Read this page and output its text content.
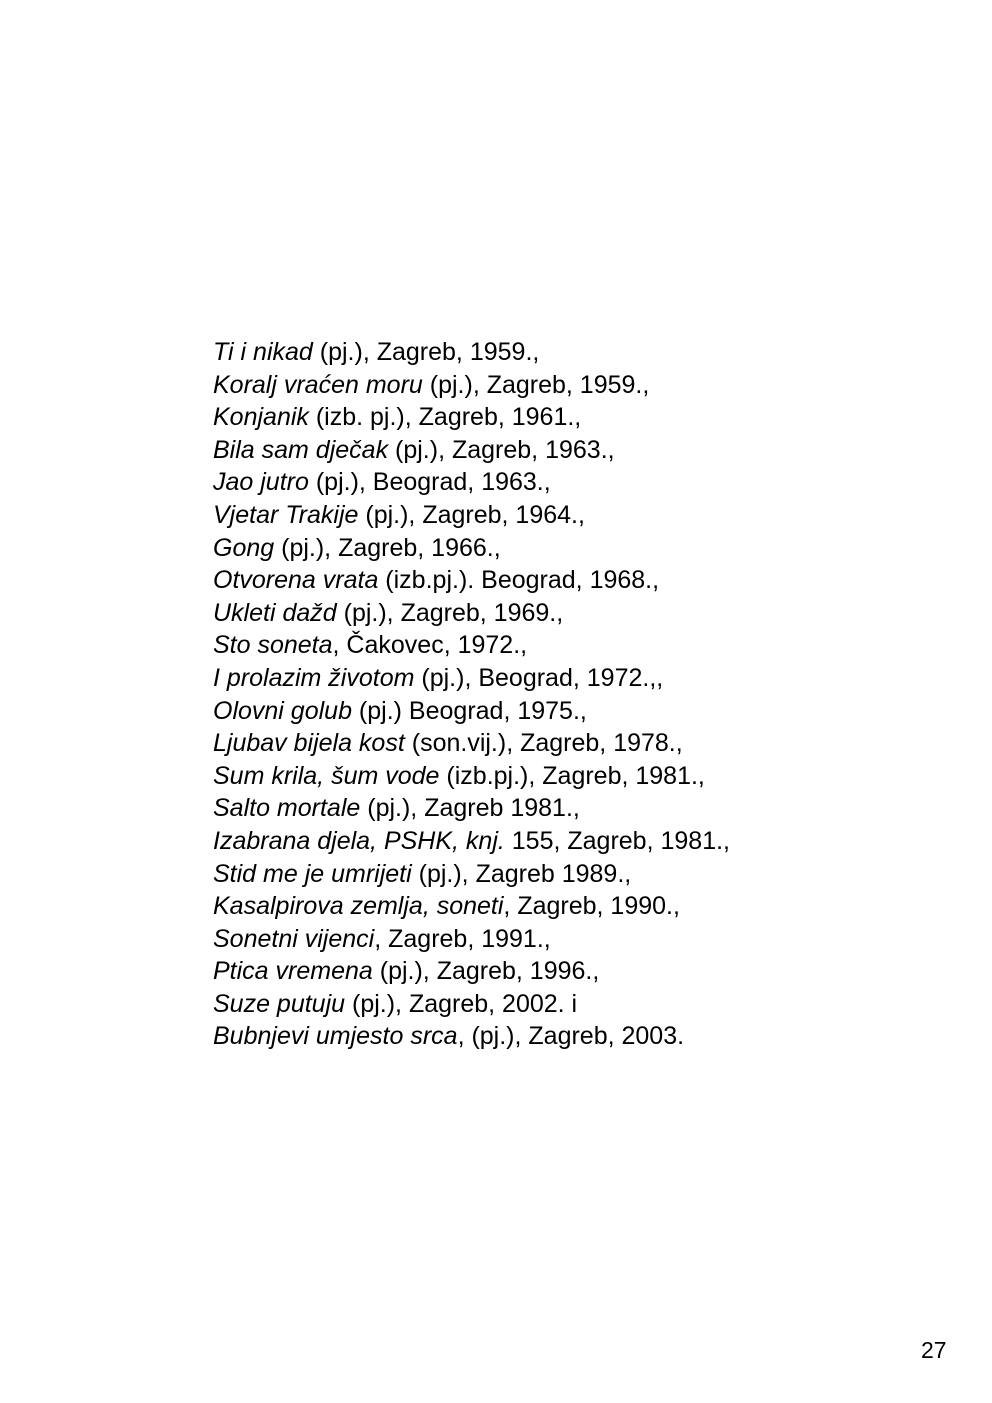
Ti i nikad (pj.), Zagreb, 1959.,
Koralj vraćen moru (pj.), Zagreb, 1959.,
Konjanik (izb. pj.), Zagreb, 1961.,
Bila sam dječak (pj.), Zagreb, 1963.,
Jao jutro (pj.), Beograd, 1963.,
Vjetar Trakije (pj.), Zagreb, 1964.,
Gong (pj.), Zagreb, 1966.,
Otvorena vrata (izb.pj.). Beograd, 1968.,
Ukleti dažd (pj.), Zagreb, 1969.,
Sto soneta, Čakovec, 1972.,
I prolazim životom (pj.), Beograd, 1972.,,
Olovni golub (pj.) Beograd, 1975.,
Ljubav bijela kost (son.vij.), Zagreb, 1978.,
Sum krila, šum vode (izb.pj.), Zagreb, 1981.,
Salto mortale (pj.), Zagreb 1981.,
Izabrana djela, PSHK, knj. 155, Zagreb, 1981.,
Stid me je umrijeti (pj.), Zagreb 1989.,
Kasalpirova zemlja, soneti, Zagreb, 1990.,
Sonetni vijenci, Zagreb, 1991.,
Ptica vremena (pj.), Zagreb, 1996.,
Suze putuju (pj.), Zagreb, 2002. i
Bubnjevi umjesto srca, (pj.), Zagreb, 2003.
27
